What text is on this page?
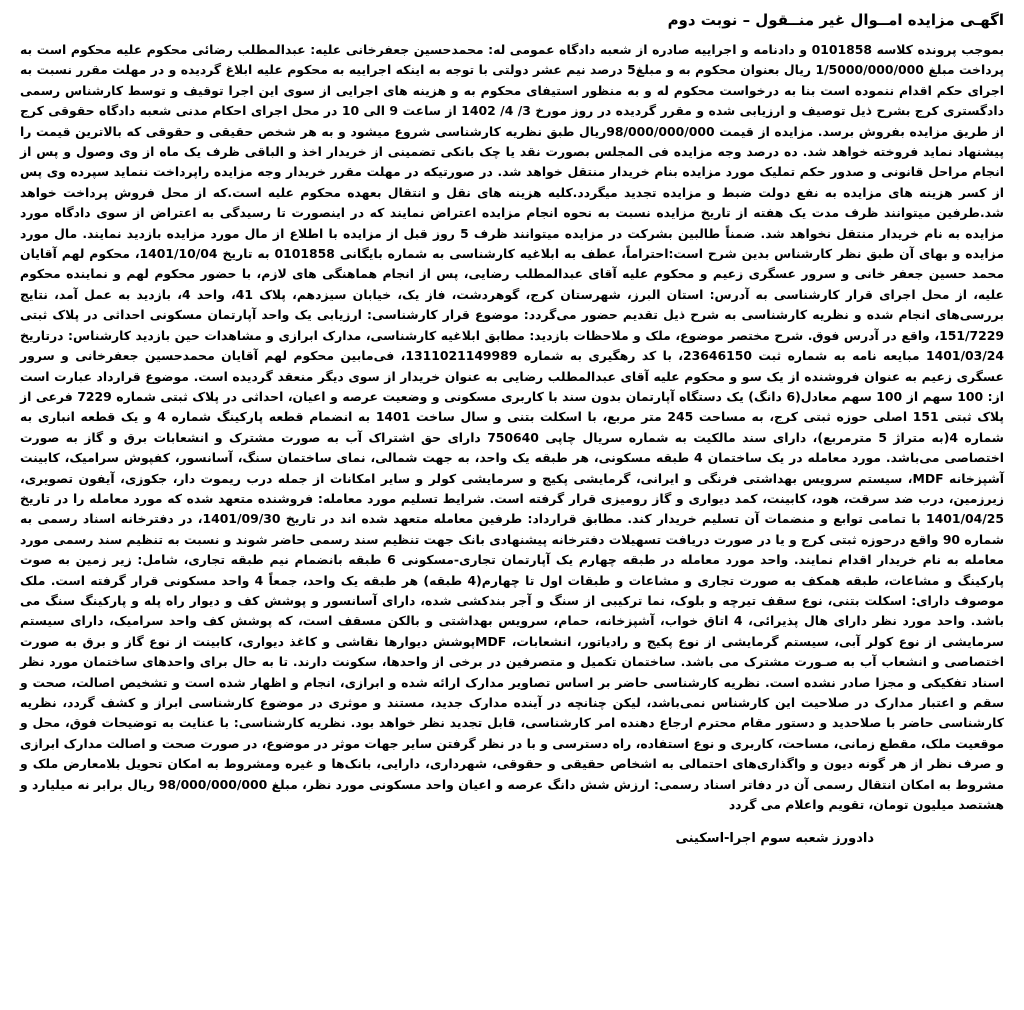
اگهـی مزایده امــوال غیر منــقول – نوبت دوم

بموجب پرونده کلاسه 0101858 و دادنامه و اجراییه صادره از شعبه دادگاه عمومی له: محمدحسین جعفرخانی علیه: عبدالمطلب رضائی محکوم علیه محکوم است به پرداخت مبلغ 1/5000/000/000 ریال بعنوان محکوم به و مبلغ5 درصد نیم عشر دولتی با توجه به اینکه اجراییه به محکوم علیه ابلاغ گردیده و در مهلت مقرر نسبت به اجرای حکم اقدام ننموده است بنا به درخواست محکوم له و به منظور استیفای محکوم به و هزینه های اجرایی از سوی این اجرا توقیف و توسط کارشناس رسمی دادگستری کرج بشرح ذیل توصیف و ارزیابی شده و مقرر گردیده در روز مورخ 3/ 4/ 1402 از ساعت 9 الی 10 در محل اجرای احکام مدنی شعبه دادگاه حقوقی کرج از طریق مزایده بفروش برسد. مزایده از قیمت 98/000/000/000ریال طبق نظریه کارشناسی شروع میشود و به هر شخص حقیقی و حقوقی که بالاترین قیمت را پیشنهاد نماید فروخته خواهد شد. ده درصد وجه مزایده فی المجلس بصورت نقد یا چک بانکی تضمینی از خریدار اخذ و الباقی ظرف یک ماه از وی وصول و پس از انجام مراحل قانونی و صدور حکم تملیک مورد مزایده بنام خریدار منتقل خواهد شد. در صورتیکه در مهلت مقرر خریدار وجه مزایده راپرداخت ننماید سپرده وی پس از کسر هزینه های مزایده به نفع دولت ضبط و مزایده تجدید میگردد.کلیه هزینه های نقل و انتقال بعهده محکوم علیه است.که از محل فروش پرداخت خواهد شد.طرفین میتوانند ظرف مدت یک هفته از تاریخ مزایده نسبت به نحوه انجام مزایده اعتراض نمایند که در اینصورت تا رسیدگی به اعتراض از سوی دادگاه مورد مزایده به نام خریدار منتقل نخواهد شد. ضمناً طالبین بشرکت در مزایده میتوانند ظرف 5 روز قبل از مزایده با اطلاع از مال مورد مزایده بازدید نمایند. مال مورد مزایده و بهای آن طبق نظر کارشناس بدین شرح است:احتراماً، عطف به ابلاغیه کارشناسی به شماره بایگانی 0101858 به تاریخ 1401/10/04، محکوم لهم آقایان محمد حسین جعفر خانی و سرور عسگری زعیم و محکوم علیه آقای عبدالمطلب رضایی، پس از انجام هماهنگی های لازم، با حضور محکوم لهم و نماینده محکوم علیه، از محل اجرای قرار کارشناسی به آدرس: استان البرز، شهرستان کرج، گوهردشت، فاز یک، خیابان سیزدهم، پلاک 41، واحد 4، بازدید به عمل آمد، نتایج بررسی‌های انجام شده و نظریه کارشناسی به شرح ذیل تقدیم حضور می‌گردد: موضوع قرار کارشناسی: ارزیابی یک واحد آپارتمان مسکونی احداثی در پلاک ثبتی 151/7229، واقع در آدرس فوق. شرح مختصر موضوع، ملک و ملاحظات بازدید: مطابق ابلاغیه کارشناسی، مدارک ابرازی و مشاهدات حین بازدید کارشناس: درتاریخ 1401/03/24 مبایعه نامه به شماره ثبت 23646150، با کد رهگیری به شماره 1311021149989، فی‌مابین محکوم لهم آقایان محمدحسین جعفرخانی و سرور عسگری زعیم به عنوان فروشنده از یک سو و محکوم علیه آقای عبدالمطلب رضایی به عنوان خریدار از سوی دیگر منعقد گردیده است. موضوع قرارداد عبارت است از: 100 سهم از 100 سهم معادل(6 دانگ) یک دستگاه آپارتمان بدون سند با کاربری مسکونی و وضعیت عرصه و اعیان، احداثی در پلاک ثبتی شماره 7229 فرعی از پلاک ثبتی 151 اصلی حوزه ثبتی کرج، به مساحت 245 متر مربع، با اسکلت بتنی و سال ساخت 1401 به انضمام قطعه پارکینگ شماره 4 و یک قطعه انباری به شماره 4(به متراژ 5 مترمربع)، دارای سند مالکیت به شماره سریال چاپی 750640 دارای حق اشتراک آب به صورت مشترک و انشعابات برق و گاز به صورت اختصاصی می‌باشد. مورد معامله در یک ساختمان 4 طبقه مسکونی، هر طبقه یک واحد، به جهت شمالی، نمای ساختمان سنگ، آسانسور، کفپوش سرامیک، کابینت آشپزخانه MDF، سیستم سرویس بهداشتی فرنگی و ایرانی، گرمایشی پکیج و سرمایشی کولر و سایر امکانات از جمله درب ریموت دار، جکوزی، آیفون تصویری، زیرزمین، درب ضد سرقت، هود، کابینت، کمد دیواری و گاز رومیزی قرار گرفته است. شرایط تسلیم مورد معامله: فروشنده متعهد شده که مورد معامله را در تاریخ 1401/04/25 با تمامی توابع و منضمات آن تسلیم خریدار کند. مطابق قرارداد: طرفین معامله متعهد شده اند در تاریخ 1401/09/30، در دفترخانه اسناد رسمی به شماره 90 واقع درحوزه ثبتی کرج و یا در صورت دریافت تسهیلات دفترخانه پیشنهادی بانک جهت تنظیم سند رسمی حاضر شوند و نسبت به تنظیم سند رسمی مورد معامله به نام خریدار اقدام نمایند. واحد مورد معامله در طبقه چهارم یک آپارتمان تجاری-مسکونی 6 طبقه بانضمام نیم طبقه تجاری، شامل: زیر زمین به صوت پارکینگ و مشاعات، طبقه همکف به صورت تجاری و مشاعات و طبقات اول تا چهارم(4 طبقه) هر طبقه یک واحد، جمعاً 4 واحد مسکونی قرار گرفته است. ملک موصوف دارای: اسکلت بتنی، نوع سقف تیرچه و بلوک، نما ترکیبی از سنگ و آجر بندکشی شده، دارای آسانسور و پوشش کف و دیوار راه پله و پارکینگ سنگ می باشد. واحد مورد نظر دارای هال پذیرائی، 4 اتاق خواب، آشپزخانه، حمام، سرویس بهداشتی و بالکن مسقف است، که پوشش کف واحد سرامیک، دارای سیستم سرمایشی از نوع کولر آبی، سیستم گرمایشی از نوع پکیج و رادیاتور، انشعابات، MDFپوشش دیوارها نقاشی و کاغذ دیواری، کابینت از نوع گاز و برق به صورت اختصاصی و انشعاب آب به صـورت مشترک می باشد. ساختمان تکمیل و متصرفین در برخی از واحدها، سکونت دارند. تا به حال برای واحدهای ساختمان مورد نظر اسناد تفکیکی و مجزا صادر نشده است. نظریه کارشناسی حاضر بر اساس تصاویر مدارک ارائه شده و ابرازی، انجام و اظهار شده است و تشخیص اصالت، صحت و سقم و اعتبار مدارک در صلاحیت این کارشناس نمی‌باشد، لیکن چنانچه در آینده مدارک جدید، مستند و موثری در موضوع کارشناسی ابراز و کشف گردد، نظریه کارشناسی حاضر با صلاحدید و دستور مقام محترم ارجاع دهنده امر کارشناسی، قابل تجدید نظر خواهد بود. نظریه کارشناسی: با عنایت به توضیحات فوق، محل و موقعیت ملک، مقطع زمانی، مساحت، کاربری و نوع استفاده، راه دسترسی و با در نظر گرفتن سایر جهات موثر در موضوع، در صورت صحت و اصالت مدارک ابرازی و صرف نظر از هر گونه دیون و واگذاری‌های احتمالی به اشخاص حقیقی و حقوقی، شهرداری، دارایی، بانک‌ها و غیره ومشروط به امکان تحویل بلامعارض ملک و مشروط به امکان انتقال رسمی آن در دفاتر اسناد رسمی: ارزش شش دانگ عرصه و اعیان واحد مسکونی مورد نظر، مبلغ 98/000/000/000 ریال برابر نه میلیارد و هشتصد میلیون تومان، تقویم واعلام می گردد

دادورز شعبه سوم اجرا-اسکینی
